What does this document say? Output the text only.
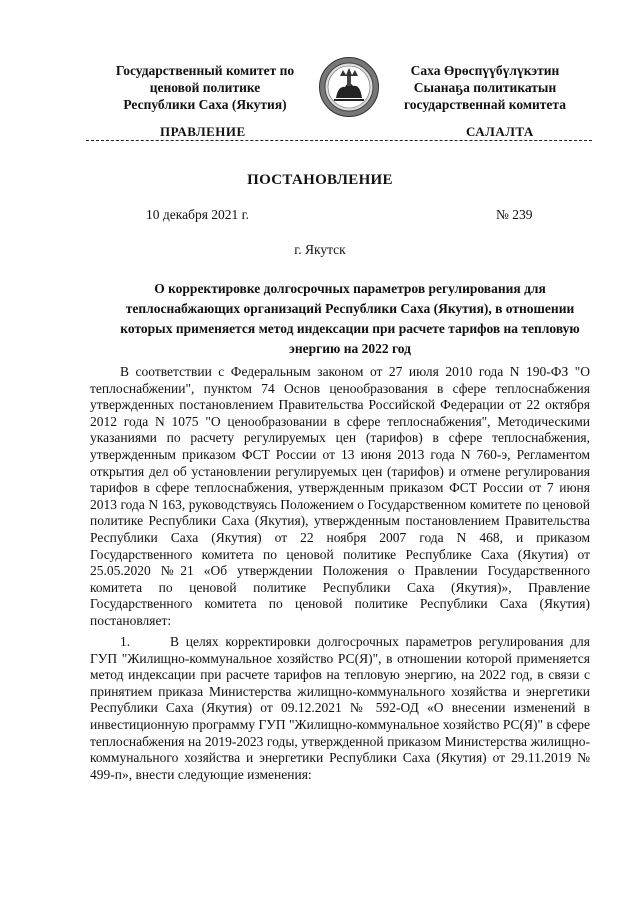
Государственный комитет по
ценовой политике
Республики Саха (Якутия)
Саха Өрөспүүбүлүкэтин
Сыанаҕа политикатын
государственнай комитета
ПРАВЛЕНИЕ	САЛАЛТА
ПОСТАНОВЛЕНИЕ
10 декабря 2021 г.	№ 239
г. Якутск
О корректировке долгосрочных параметров регулирования для теплоснабжающих организаций Республики Саха (Якутия), в отношении которых применяется метод индексации при расчете тарифов на тепловую энергию на 2022 год
В соответствии с Федеральным законом от 27 июля 2010 года N 190-ФЗ "О теплоснабжении", пунктом 74 Основ ценообразования в сфере теплоснабжения утвержденных постановлением Правительства Российской Федерации от 22 октября 2012 года N 1075 "О ценообразовании в сфере теплоснабжения", Методическими указаниями по расчету регулируемых цен (тарифов) в сфере теплоснабжения, утвержденным приказом ФСТ России от 13 июня 2013 года N 760-э, Регламентом открытия дел об установлении регулируемых цен (тарифов) и отмене регулирования тарифов в сфере теплоснабжения, утвержденным приказом ФСТ России от 7 июня 2013 года N 163, руководствуясь Положением о Государственном комитете по ценовой политике Республики Саха (Якутия), утвержденным постановлением Правительства Республики Саха (Якутия) от 22 ноября 2007 года N 468, и приказом Государственного комитета по ценовой политике Республике Саха (Якутия) от 25.05.2020 №21 «Об утверждении Положения о Правлении Государственного комитета по ценовой политике Республики Саха (Якутия)», Правление Государственного комитета по ценовой политике Республики Саха (Якутия) постановляет:
1.	В целях корректировки долгосрочных параметров регулирования для ГУП "Жилищно-коммунальное хозяйство РС(Я)", в отношении которой применяется метод индексации при расчете тарифов на тепловую энергию, на 2022 год, в связи с принятием приказа Министерства жилищно-коммунального хозяйства и энергетики Республики Саха (Якутия) от 09.12.2021 № 592-ОД «О внесении изменений в инвестиционную программу ГУП "Жилищно-коммунальное хозяйство РС(Я)" в сфере теплоснабжения на 2019-2023 годы, утвержденной приказом Министерства жилищно-коммунального хозяйства и энергетики Республики Саха (Якутия) от 29.11.2019 № 499-п», внести следующие изменения:
